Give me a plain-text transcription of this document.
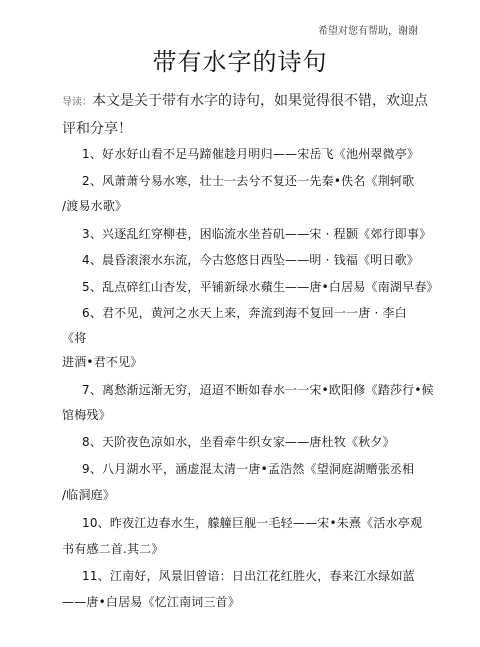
希望对您有帮助，谢谢
带有水字的诗句
导读：本文是关于带有水字的诗句，如果觉得很不错，欢迎点
评和分享！
1、好水好山看不足马蹄催趁月明归——宋岳飞《池州翠微亭》
2、风萧萧兮易水寒，壮士一去兮不复还一先秦•佚名《荆轲歌
/渡易水歌》
3、兴逐乱红穿柳巷，困临流水坐苔矶——宋 · 程颢《郊行即事》
4、晨昏滚滚水东流，今古悠悠日西坠——明 · 钱福《明日歌》
5、乱点碎红山杏发，平铺新绿水蘋生——唐•白居易《南湖早春》
6、君不见，黄河之水天上来，奔流到海不复回一一唐 · 李白
《将
进酒•君不见》
7、离愁渐远渐无穷，迢迢不断如春水一一宋•欧阳修《踏莎行•候
馆梅残》
8、天阶夜色凉如水，坐看牵牛织女家——唐杜牧《秋夕》
9、八月湖水平，涵虚混太清一唐•孟浩然《望洞庭湖赠张丞相
/临洞庭》
10、昨夜江边春水生，艨艟巨舰一毛轻——宋•朱熹《活水亭观
书有感二首.其二》
11、江南好，风景旧曾谙：日出江花红胜火，春来江水绿如蓝
——唐•白居易《忆江南词三首》
